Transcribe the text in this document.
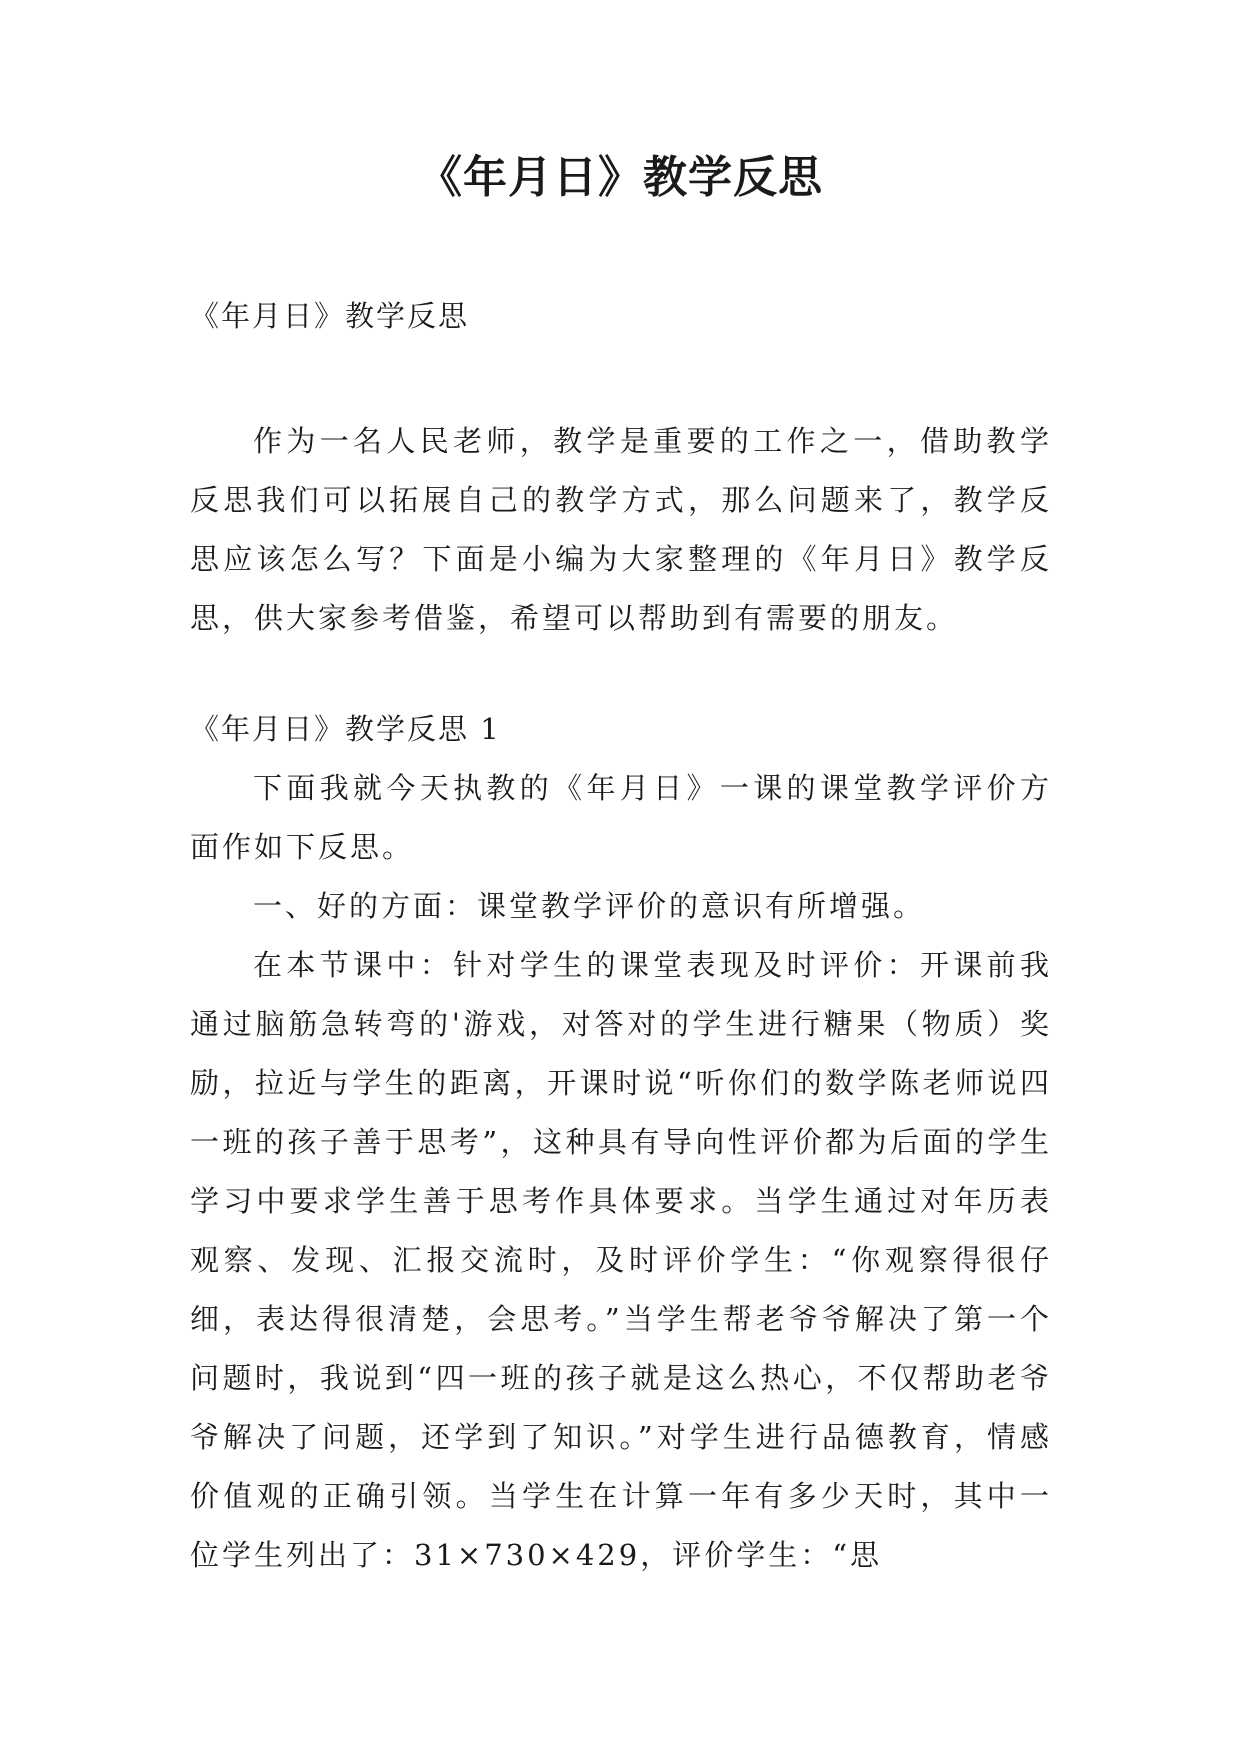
《年月日》教学反思

《年月日》教学反思

作为一名人民老师，教学是重要的工作之一，借助教学反思我们可以拓展自己的教学方式，那么问题来了，教学反思应该怎么写？下面是小编为大家整理的《年月日》教学反思，供大家参考借鉴，希望可以帮助到有需要的朋友。

《年月日》教学反思 1

下面我就今天执教的《年月日》一课的课堂教学评价方面作如下反思。

一、好的方面：课堂教学评价的意识有所增强。

在本节课中：针对学生的课堂表现及时评价：开课前我通过脑筋急转弯的'游戏，对答对的学生进行糖果（物质）奖励，拉近与学生的距离，开课时说“听你们的数学陈老师说四一班的孩子善于思考”，这种具有导向性评价都为后面的学生学习中要求学生善于思考作具体要求。当学生通过对年历表观察、发现、汇报交流时，及时评价学生：“你观察得很仔细，表达得很清楚，会思考。”当学生帮老爷爷解决了第一个问题时，我说到“四一班的孩子就是这么热心，不仅帮助老爷爷解决了问题，还学到了知识。”对学生进行品德教育，情感价值观的正确引领。当学生在计算一年有多少天时，其中一位学生列出了：31×730×429，评价学生：“思
